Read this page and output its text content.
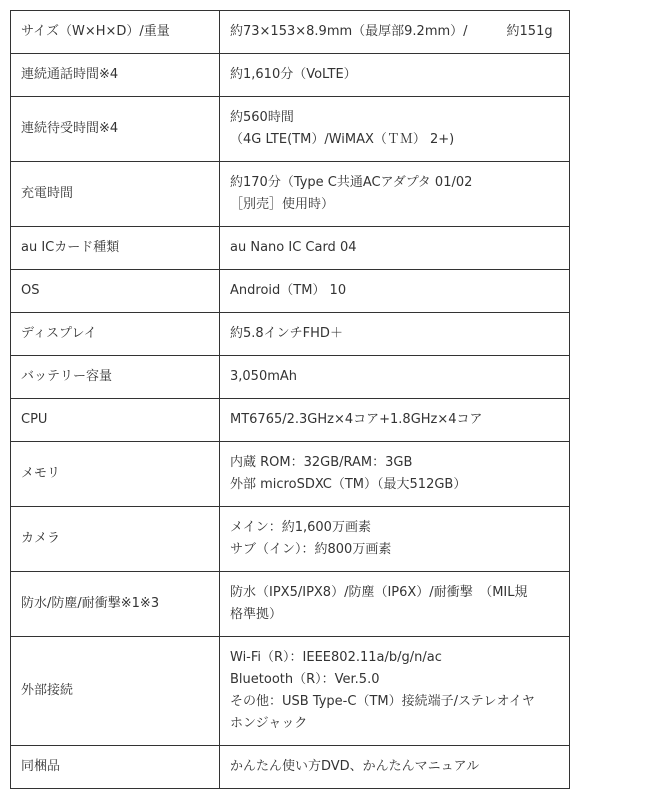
サイズ（W×H×D）/重量	約73×153×8.9mm（最厚部9.2mm）/　　　約151g

連続通話時間※4	約1,610分（VoLTE）

連続待受時間※4	約560時間
（4G LTE(TM）/WiMAX（ＴＭ） 2+)

充電時間	約170分（Type C共通ACアダプタ 01/02
［別売］使用時）

au ICカード種類	au Nano IC Card 04

OS	Android（TM） 10

ディスプレイ	約5.8インチFHD＋

バッテリー容量	3,050mAh

CPU	MT6765/2.3GHz×4コア+1.8GHz×4コア

メモリ	内蔵 ROM：32GB/RAM：3GB
外部 microSDXC（TM）（最大512GB）

カメラ	メイン：約1,600万画素
サブ（イン）：約800万画素

防水/防塵/耐衝撃※1※3	防水（IPX5/IPX8）/防塵（IP6X）/耐衝撃　（MIL規
格準拠）

外部接続	Wi-Fi（R）：IEEE802.11a/b/g/n/ac
Bluetooth（R）：Ver.5.0
その他：USB Type-C（TM）接続端子/ステレオイヤ
ホンジャック

同梱品	かんたん使い方DVD、かんたんマニュアル
